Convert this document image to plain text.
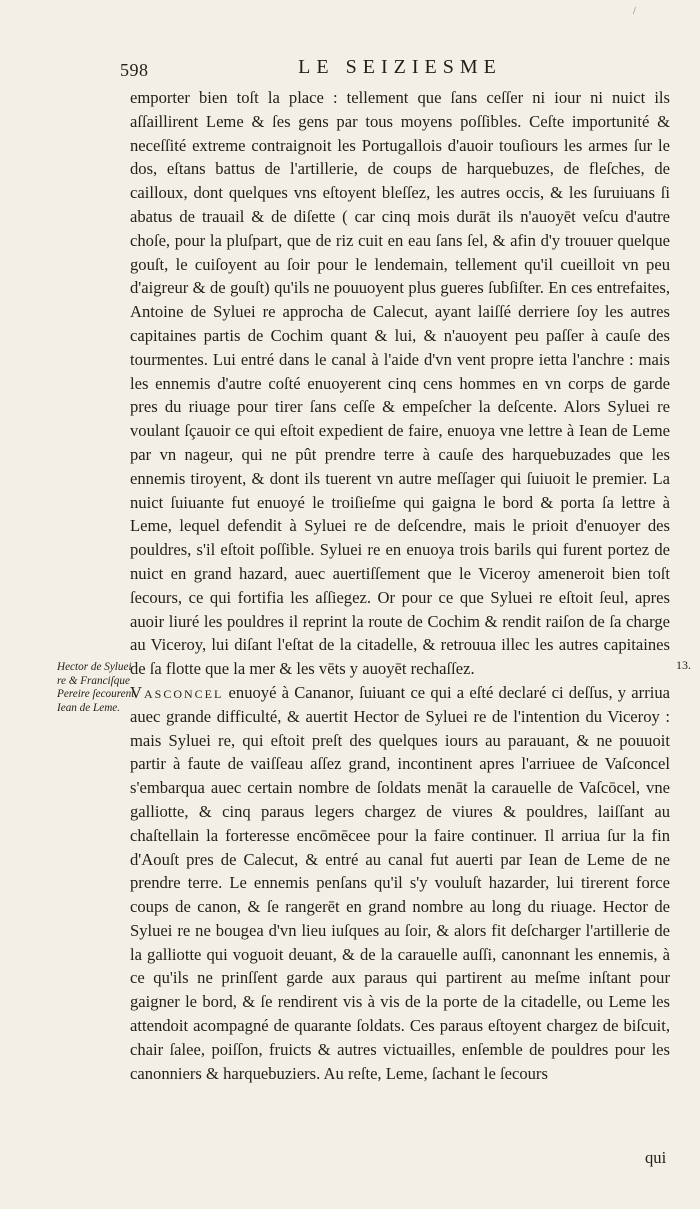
/
598	LE SEIZIESME

emporter bien toſt la place : tellement que ſans ceſſer ni iour ni nuict ils aſſaillirent Leme & ſes gens par tous moyens poſſibles. Ceſte importunité & neceſſité extreme contraignoit les Portugallois d'auoir touſiours les armes ſur le dos, eſtans battus de l'artillerie, de coups de harquebuzes, de fleſches, de cailloux, dont quelques vns eſtoyent bleſſez, les autres occis, & les ſuruiuans ſi abatus de trauail & de diſette ( car cinq mois durāt ils n'auoyēt veſcu d'autre choſe, pour la pluſpart, que de riz cuit en eau ſans ſel, & afin d'y trouuer quelque gouſt, le cuiſoyent au ſoir pour le lendemain, tellement qu'il cueilloit vn peu d'aigreur & de gouſt) qu'ils ne pouuoyent plus gueres ſubſiſter. En ces entrefaites, Antoine de Syluei re approcha de Calecut, ayant laiſſé derriere ſoy les autres capitaines partis de Cochim quant & lui, & n'auoyent peu paſſer à cauſe des tourmentes. Lui entré dans le canal à l'aide d'vn vent propre ietta l'anchre : mais les ennemis d'autre coſté enuoyerent cinq cens hommes en vn corps de garde pres du riuage pour tirer ſans ceſſe & empeſcher la deſcente. Alors Syluei re voulant ſçauoir ce qui eſtoit expedient de faire, enuoya vne lettre à Iean de Leme par vn nageur, qui ne pût prendre terre à cauſe des harquebuzades que les ennemis tiroyent, & dont ils tuerent vn autre meſſager qui ſuiuoit le premier. La nuict ſuiuante fut enuoyé le troiſieſme qui gaigna le bord & porta ſa lettre à Leme, lequel defendit à Syluei re de deſcendre, mais le prioit d'enuoyer des pouldres, s'il eſtoit poſſible. Syluei re en enuoya trois barils qui furent portez de nuict en grand hazard, auec auertiſſement que le Viceroy ameneroit bien toſt ſecours, ce qui fortifia les aſſiegez. Or pour ce que Syluei re eſtoit ſeul, apres auoir liuré les pouldres il reprint la route de Cochim & rendit raiſon de ſa charge au Viceroy, lui diſant l'eſtat de la citadelle, & retrouua illec les autres capitaines de ſa flotte que la mer & les vēts y auoyēt rechaſſez.

Vasconcel enuoyé à Cananor, ſuiuant ce qui a eſté declaré ci deſſus, y arriua auec grande difficulté, & auertit Hector de Syluei re de l'intention du Viceroy : mais Syluei re, qui eſtoit preſt des quelques iours au parauant, & ne pouuoit partir à faute de vaiſſeau aſſez grand, incontinent apres l'arriuee de Vaſconcel s'embarqua auec certain nombre de ſoldats menāt la carauelle de Vaſcōcel, vne galliotte, & cinq paraus legers chargez de viures & pouldres, laiſſant au chaſtellain la forteresse encōmēcee pour la faire continuer. Il arriua ſur la fin d'Aouſt pres de Calecut, & entré au canal fut auerti par Iean de Leme de ne prendre terre. Le ennemis penſans qu'il s'y vouluſt hazarder, lui tirerent force coups de canon, & ſe rangerēt en grand nombre au long du riuage. Hector de Syluei re ne bougea d'vn lieu iuſques au ſoir, & alors fit deſcharger l'artillerie de la galliotte qui voguoit deuant, & de la carauelle auſſi, canonnant les ennemis, à ce qu'ils ne prinſſent garde aux paraus qui partirent au meſme inſtant pour gaigner le bord, & ſe rendirent vis à vis de la porte de la citadelle, ou Leme les attendoit acompagné de quarante ſoldats. Ces paraus eſtoyent chargez de biſcuit, chair ſalee, poiſſon, fruicts & autres victuailles, enſemble de pouldres pour les canonniers & harquebuziers. Au reſte, Leme, ſachant le ſecours

Hector de Syluei re & Franciſque Pereire ſecourent Iean de Leme.
13.
qui
